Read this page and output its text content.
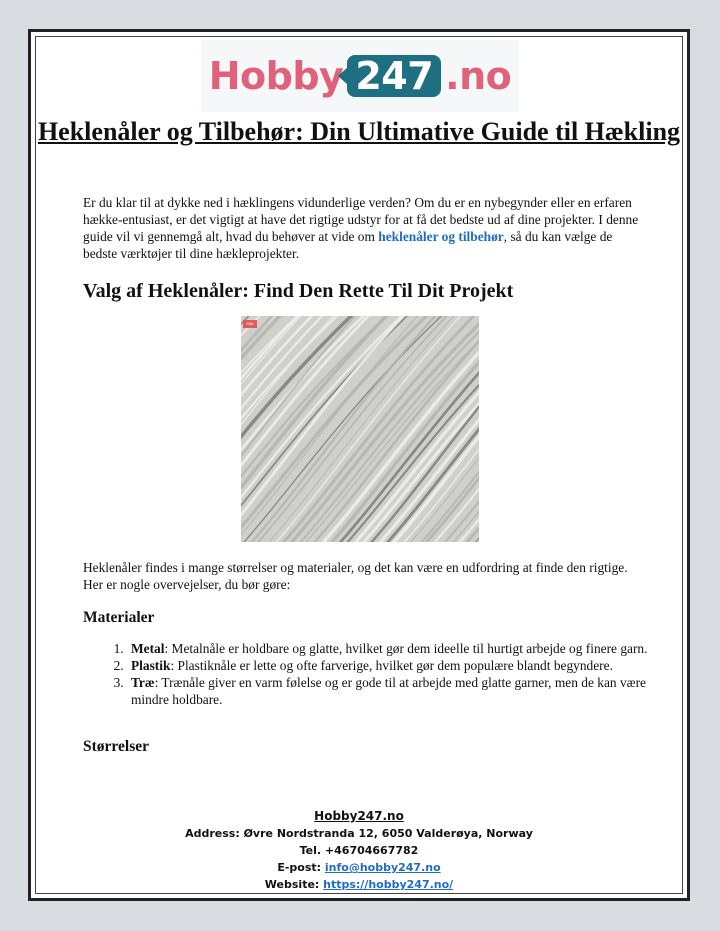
Hobby 247 .no
Heklenåler og Tilbehør: Din Ultimative Guide til Hækling

Er du klar til at dykke ned i hæklingens vidunderlige verden? Om du er en nybegynder eller en erfaren hække-entusiast, er det vigtigt at have det rigtige udstyr for at få det bedste ud af dine projekter. I denne guide vil vi gennemgå alt, hvad du behøver at vide om heklenåler og tilbehør, så du kan vælge de bedste værktøjer til dine hækleprojekter.

Valg af Heklenåler: Find Den Rette Til Dit Projekt
Sale

Heklenåler findes i mange størrelser og materialer, og det kan være en udfordring at finde den rigtige. Her er nogle overvejelser, du bør gøre:

Materialer
1. Metal: Metalnåle er holdbare og glatte, hvilket gør dem ideelle til hurtigt arbejde og finere garn.
2. Plastik: Plastiknåle er lette og ofte farverige, hvilket gør dem populære blandt begyndere.
3. Træ: Trænåle giver en varm følelse og er gode til at arbejde med glatte garner, men de kan være mindre holdbare.
Størrelser
Hobby247.no
Address: Øvre Nordstranda 12, 6050 Valderøya, Norway
Tel. +46704667782
E-post: info@hobby247.no
Website: https://hobby247.no/
